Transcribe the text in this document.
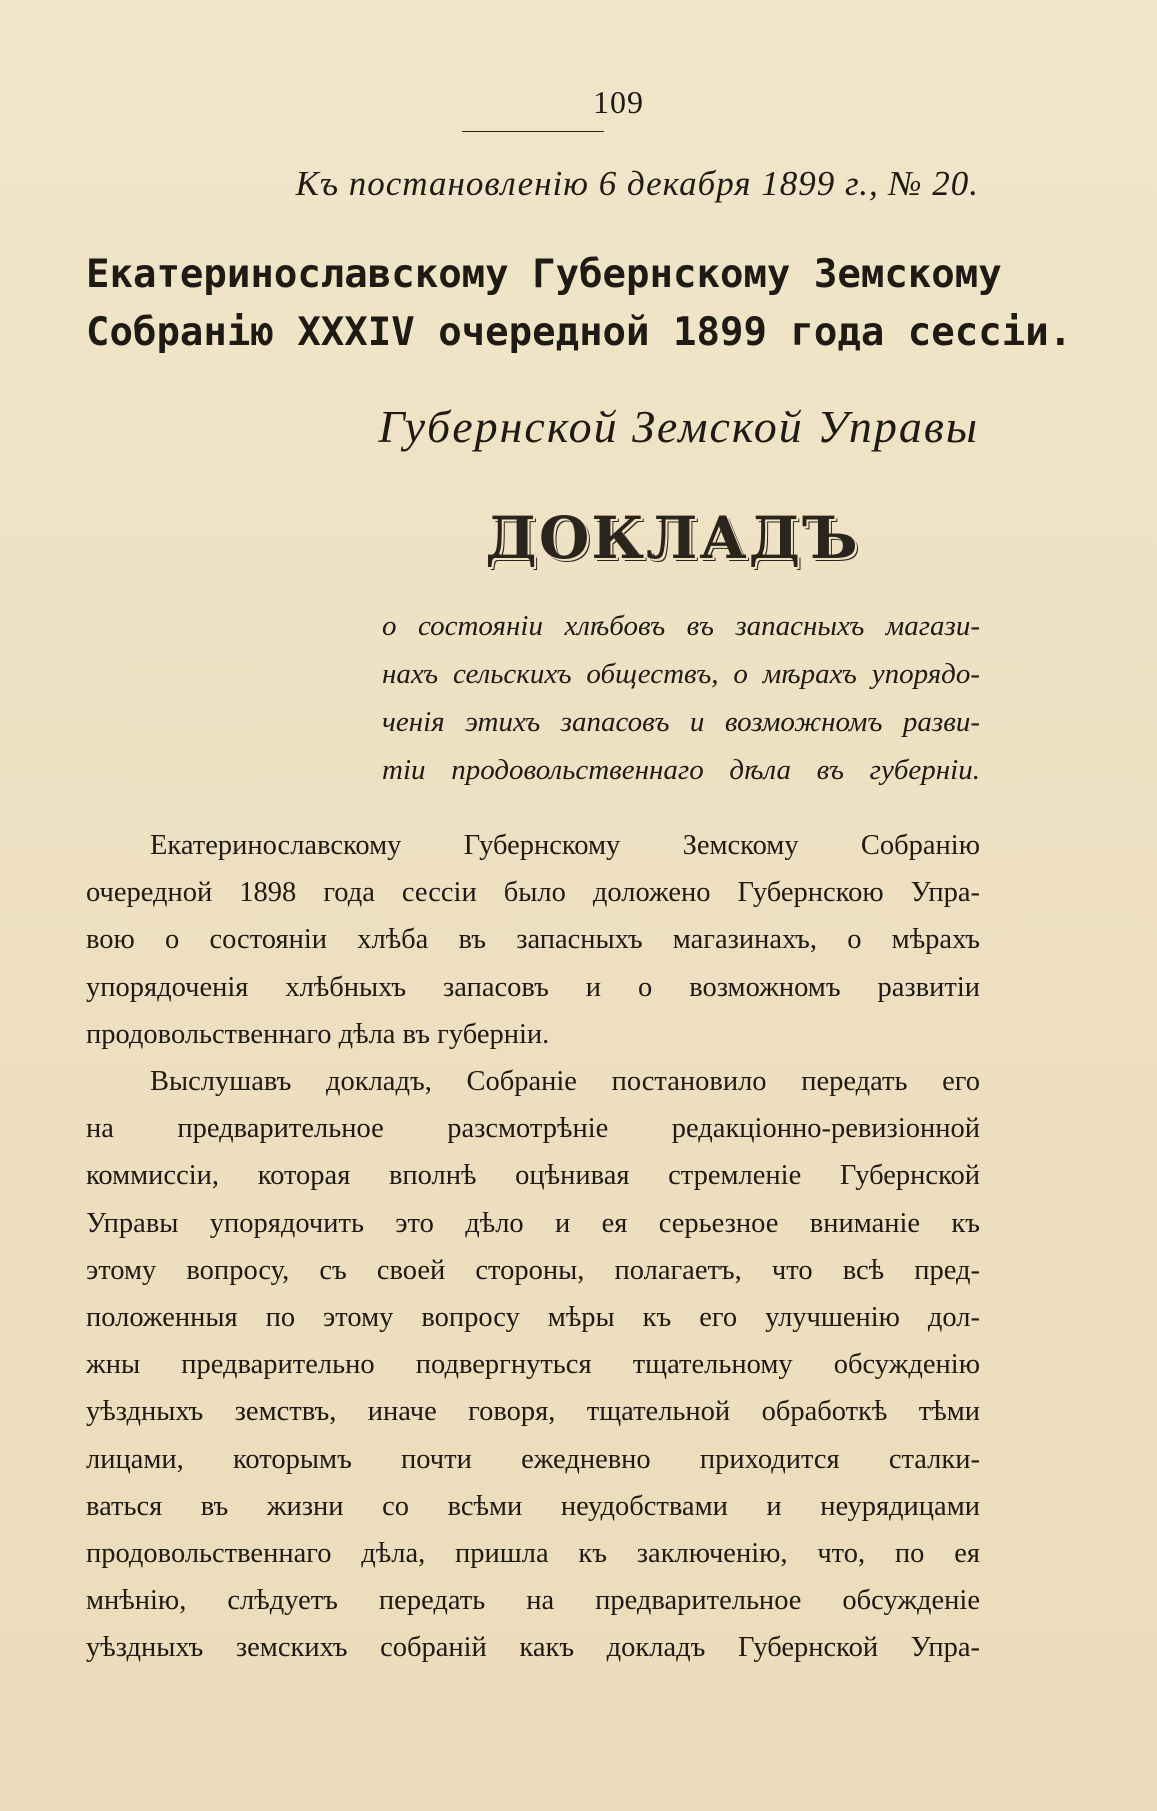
109
Къ постановленію 6 декабря 1899 г., № 20.
Екатеринославскому Губернскому Земскому
Собранію XXXIV очередной 1899 года сессіи.
Губернской Земской Управы
ДОКЛАДЪ
о состояніи хлѣбовъ въ запасныхъ магази-
нахъ сельскихъ обществъ, о мѣрахъ упорядо-
ченія этихъ запасовъ и возможномъ разви-
тіи продовольственнаго дѣла въ губерніи.
Екатеринославскому Губернскому Земскому Собранію
очередной 1898 года сессіи было доложено Губернскою Упра-
вою о состояніи хлѣба въ запасныхъ магазинахъ, о мѣрахъ
упорядоченія хлѣбныхъ запасовъ и о возможномъ развитіи
продовольственнаго дѣла въ губерніи.
Выслушавъ докладъ, Собраніе постановило передать его
на предварительное разсмотрѣніе редакціонно-ревизіонной
коммиссіи, которая вполнѣ оцѣнивая стремленіе Губернской
Управы упорядочить это дѣло и ея серьезное вниманіе къ
этому вопросу, съ своей стороны, полагаетъ, что всѣ пред-
положенныя по этому вопросу мѣры къ его улучшенію дол-
жны предварительно подвергнуться тщательному обсужденію
уѣздныхъ земствъ, иначе говоря, тщательной обработкѣ тѣми
лицами, которымъ почти ежедневно приходится сталки-
ваться въ жизни со всѣми неудобствами и неурядицами
продовольственнаго дѣла, пришла къ заключенію, что, по ея
мнѣнію, слѣдуетъ передать на предварительное обсужденіе
уѣздныхъ земскихъ собраній какъ докладъ Губернской Упра-
